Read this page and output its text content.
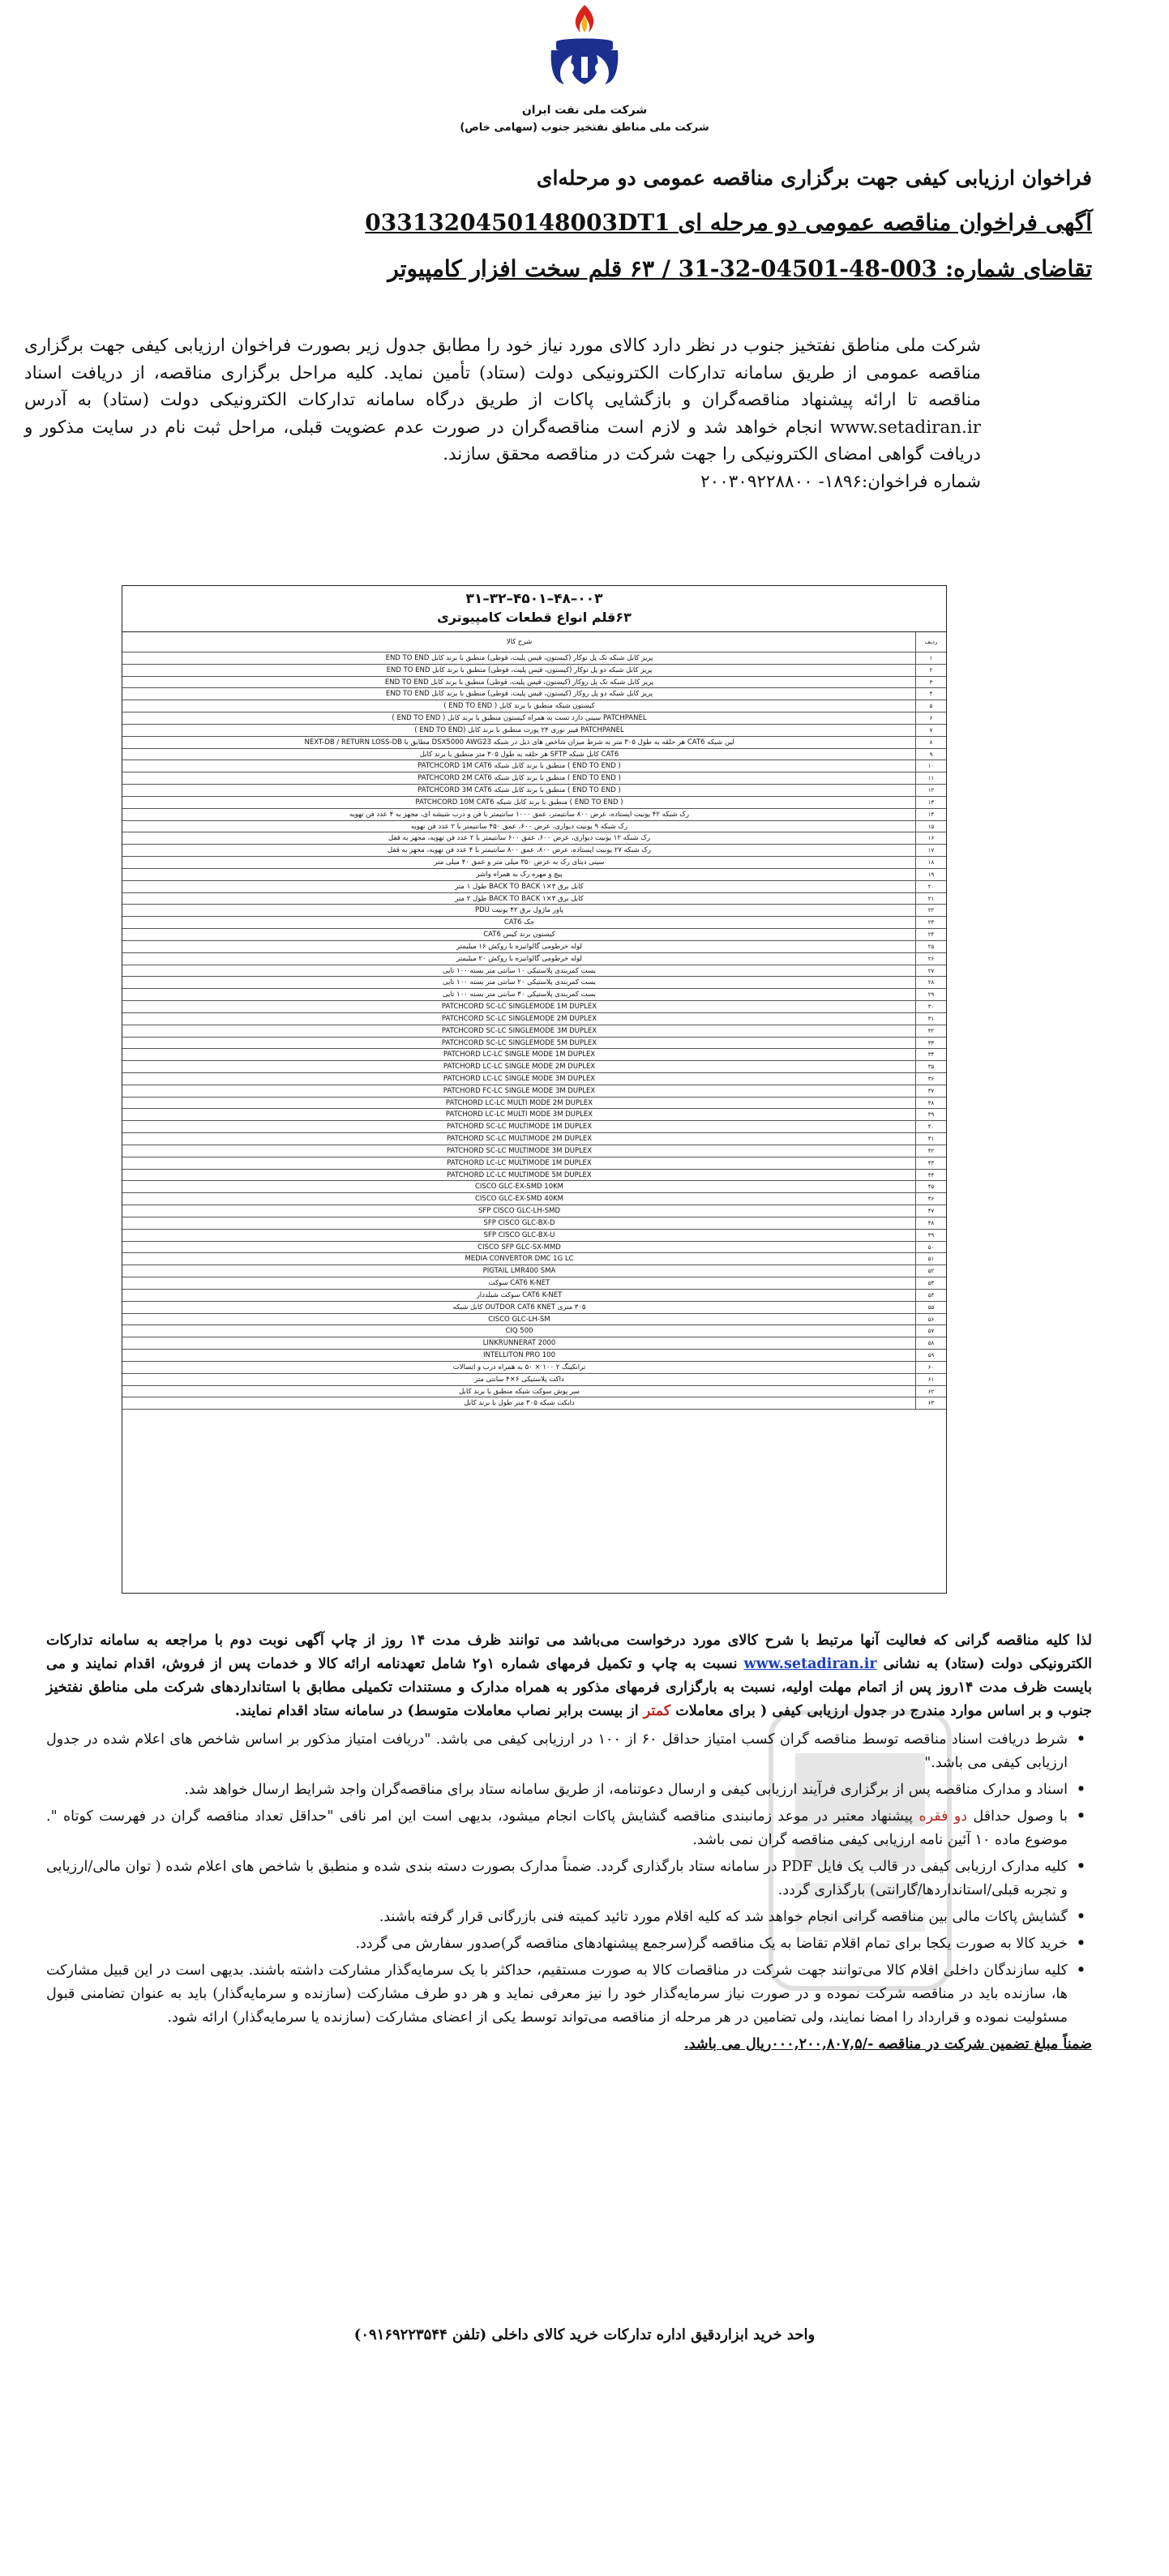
شرکت ملی نفت ایران
شرکت ملی مناطق نفتخیز جنوب (سهامی خاص)
فراخوان ارزیابی کیفی جهت برگزاری مناقصه عمومی دو مرحله‌ای
آگهی فراخوان مناقصه عمومی دو مرحله ای 0331320450148003DT1
تقاضای شماره: 003-48-04501-32-31 / ۶۳ قلم سخت افزار کامپیوتر

شرکت ملی مناطق نفتخیز جنوب در نظر دارد کالای مورد نیاز خود را مطابق جدول زیر بصورت فراخوان ارزیابی کیفی جهت برگزاری مناقصه عمومی از طریق سامانه تدارکات الکترونیکی دولت (ستاد) تأمین نماید. کلیه مراحل برگزاری مناقصه، از دریافت اسناد مناقصه تا ارائه پیشنهاد مناقصه‌گران و بازگشایی پاکات از طریق درگاه سامانه تدارکات الکترونیکی دولت (ستاد) به آدرس www.setadiran.ir انجام خواهد شد و لازم است مناقصه‌گران در صورت عدم عضویت قبلی، مراحل ثبت نام در سایت مذکور و دریافت گواهی امضای الکترونیکی را جهت شرکت در مناقصه محقق سازند.

شماره فراخوان:۱۸۹۶- ۲۰۰۳۰۹۲۲۸۸۰۰

۰۰۳–۴۸–۴۵۰۱–۳۲–۳۱
۶۳قلم انواع قطعات کامپیوتری
ردیف
شرح کالا
۱
پریز کابل شبکه تک پل توکار (کیستون، قیس پلیت، قوطی) منطبق با برند کابل END TO END
۲
پریز کابل شبکه دو پل توکار (کیستون، قیس پلیت، قوطی) منطبق با برند کابل END TO END
۳
پریز کابل شبکه تک پل روکار (کیستون، قیس پلیت، قوطی) منطبق با برند کابل END TO END
۴
پریز کابل شبکه دو پل روکار (کیستون، قیس پلیت، قوطی) منطبق با برند کابل END TO END
۵
کیستون شبکه منطبق با برند کابل ( END TO END )
۶
PATCHPANEL سینی دارد تست به همراه کیستون منطبق با برند کابل ( END TO END )
۷
PATCHPANEL فیبر نوری ۲۴ پورت منطبق با برند کابل (END TO END )
۸
لین شبکه CAT6 هر حلقه به طول ۳۰۵ متر به شرط میزان شاخص های ذیل در شبکه DSX5000 AWG23 مطابق با NEXT-DB / RETURN LOSS-DB
۹
CAT6 کابل شبکه SFTP هر حلقه به طول ۳۰۵ متر منطبق با برند کابل
۱۰
( END TO END ) منطبق با برند کابل شبکه PATCHCORD 1M CAT6
۱۱
( END TO END ) منطبق با برند کابل شبکه PATCHCORD 2M CAT6
۱۲
( END TO END ) منطبق با برند کابل شبکه PATCHCORD 3M CAT6
۱۳
( END TO END ) منطبق با برند کابل شبکه PATCHCORD 10M CAT6
۱۴
رک شبکه ۴۲ یونیت ایستاده، عرض ۸۰۰ سانتیمتر، عمق ۱۰۰۰ سانتیمتر با فن و درب شیشه ای، مجهز به ۴ عدد فن تهویه
۱۵
رک شبکه ۹ یونیت دیواری، عرض ۶۰۰، عمق ۴۵۰ سانتیمتر با ۲ عدد فن تهویه
۱۶
رک شبکه ۱۲ یونیت دیواری، عرض ۶۰۰، عمق ۶۰۰ سانتیمتر با ۲ عدد فن تهویه، مجهز به قفل
۱۷
رک شبکه ۲۷ یونیت ایستاده، عرض ۸۰۰، عمق ۸۰۰ سانتیمتر با ۴ عدد فن تهویه، مجهز به قفل
۱۸
سینی دیتای رک به عرض ۳۵۰ میلی متر و عمق ۴۰ میلی متر
۱۹
پیچ و مهره رک به همراه واشر
۲۰
کابل برق ۳×۱ BACK TO BACK طول ۱ متر
۲۱
کابل برق ۳×۱ BACK TO BACK طول ۲ متر
۲۲
پاور ماژول برق ۴۲ یونیت PDU
۲۳
جک CAT6
۲۴
کیستون برند کیس CAT6
۲۵
لوله خرطومی گالوانیزه با روکش ۱۶ میلیمتر
۲۶
لوله خرطومی گالوانیزه با روکش ۲۰ میلیمتر
۲۷
بست کمربندی پلاستیکی ۱۰ سانتی متر بسته ۱۰۰ تایی
۲۸
بست کمربندی پلاستیکی ۲۰ سانتی متر بسته ۱۰۰ تایی
۲۹
بست کمربندی پلاستیکی ۳۰ سانتی متر بسته ۱۰۰ تایی
۳۰
PATCHCORD SC-LC SINGLEMODE 1M DUPLEX
۳۱
PATCHCORD SC-LC SINGLEMODE 2M DUPLEX
۳۲
PATCHCORD SC-LC SINGLEMODE 3M DUPLEX
۳۳
PATCHCORD SC-LC SINGLEMODE 5M DUPLEX
۳۴
PATCHORD LC-LC SINGLE MODE 1M DUPLEX
۳۵
PATCHORD LC-LC SINGLE MODE 2M DUPLEX
۳۶
PATCHORD LC-LC SINGLE MODE 3M DUPLEX
۳۷
PATCHORD FC-LC SINGLE MODE 3M DUPLEX
۳۸
PATCHORD LC-LC MULTI MODE 2M DUPLEX
۳۹
PATCHORD LC-LC MULTI MODE 3M DUPLEX
۴۰
PATCHORD SC-LC MULTIMODE 1M DUPLEX
۴۱
PATCHORD SC-LC MULTIMODE 2M DUPLEX
۴۲
PATCHORD SC-LC MULTIMODE 3M DUPLEX
۴۳
PATCHORD LC-LC MULTIMODE 1M DUPLEX
۴۴
PATCHORD LC-LC MULTIMODE 5M DUPLEX
۴۵
CISCO GLC-EX-SMD 10KM
۴۶
CISCO GLC-EX-SMD 40KM
۴۷
SFP CISCO GLC-LH-SMD
۴۸
SFP CISCO GLC-BX-D
۴۹
SFP CISCO GLC-BX-U
۵۰
CISCO SFP GLC-SX-MMD
۵۱
MEDIA CONVERTOR DMC 1G LC
۵۲
PIGTAIL LMR400 SMA
۵۳
CAT6 K-NET سوکت
۵۴
CAT6 K-NET سوکت شیلددار
۵۵
۳۰۵ متری OUTDOR CAT6 KNET کابل شبکه
۵۶
CISCO GLC-LH-SM
۵۷
CIQ 500
۵۸
LINKRUNNERAT 2000
۵۹
INTELLITON PRO 100
۶۰
ترانکینگ ۲ ۱۰۰ × ۵۰ به همراه درب و اتصالات
۶۱
داکت پلاستیکی ۶×۴ سانتی متر
۶۲
سر پوش سوکت شبکه منطبق با برند کابل
۶۳
دایکت شبکه ۳۰۵ متر طول با برند کابل

لذا کلیه مناقصه گرانی که فعالیت آنها مرتبط با شرح کالای مورد درخواست می‌باشد می توانند ظرف مدت ۱۴ روز از چاپ آگهی نوبت دوم با مراجعه به سامانه تدارکات الکترونیکی دولت (ستاد) به نشانی www.setadiran.ir نسبت به چاپ و تکمیل فرمهای شماره ۱و۲ شامل تعهدنامه ارائه کالا و خدمات پس از فروش، اقدام نمایند و می بایست ظرف مدت ۱۴روز پس از اتمام مهلت اولیه، نسبت به بارگزاری فرمهای مذکور به همراه مدارک و مستندات تکمیلی مطابق با استانداردهای شرکت ملی مناطق نفتخیز جنوب و بر اساس موارد مندرج در جدول ارزیابی کیفی ( برای معاملات کمتر از بیست برابر نصاب معاملات متوسط) در سامانه ستاد اقدام نمایند.

• شرط دریافت اسناد مناقصه توسط مناقصه گران کسب امتیاز حداقل ۶۰ از ۱۰۰ در ارزیابی کیفی می باشد. "دریافت امتیاز مذکور بر اساس شاخص های اعلام شده در جدول ارزیابی کیفی می باشد."
• اسناد و مدارک مناقصه پس از برگزاری فرآیند ارزیابی کیفی و ارسال دعوتنامه، از طریق سامانه ستاد برای مناقصه‌گران واجد شرایط ارسال خواهد شد.
• با وصول حداقل دو فقره پیشنهاد معتبر در موعد زمانبندی مناقصه گشایش پاکات انجام میشود، بدیهی است این امر نافی "حداقل تعداد مناقصه گران در فهرست کوتاه ". موضوع ماده ۱۰ آئین نامه ارزیابی کیفی مناقصه گران نمی باشد.
• کلیه مدارک ارزیابی کیفی در قالب یک فایل PDF در سامانه ستاد بارگذاری گردد. ضمناً مدارک بصورت دسته بندی شده و منطبق با شاخص های اعلام شده ( توان مالی/ارزیابی و تجربه قبلی/استانداردها/گارانتی) بارگذاری گردد.
• گشایش پاکات مالی بین مناقصه گرانی انجام خواهد شد که کلیه اقلام مورد تائید کمیته فنی بازرگانی قرار گرفته باشند.
• خرید کالا به صورت یکجا برای تمام اقلام تقاضا به یک مناقصه گر(سرجمع پیشنهادهای مناقصه گر)صدور سفارش می گردد.
• کلیه سازندگان داخلی اقلام کالا می‌توانند جهت شرکت در مناقصات کالا به صورت مستقیم، حداکثر با یک سرمایه‌گذار مشارکت داشته باشند. بدیهی است در این قبیل مشارکت ها، سازنده باید در مناقصه شرکت نموده و در صورت نیاز سرمایه‌گذار خود را نیز معرفی نماید و هر دو طرف مشارکت (سازنده و سرمایه‌گذار) باید به عنوان تضامنی قبول مسئولیت نموده و قرارداد را امضا نمایند، ولی تضامین در هر مرحله از مناقصه می‌تواند توسط یکی از اعضای مشارکت (سازنده یا سرمایه‌گذار) ارائه شود.

ضمناً مبلغ تضمین شرکت در مناقصه -/۰۰۰,۲۰۰,۸۰۷,۵ریال می باشد.

واحد خرید ابزاردقیق اداره تدارکات خرید کالای داخلی (تلفن ۰۹۱۶۹۲۲۳۵۴۴)
